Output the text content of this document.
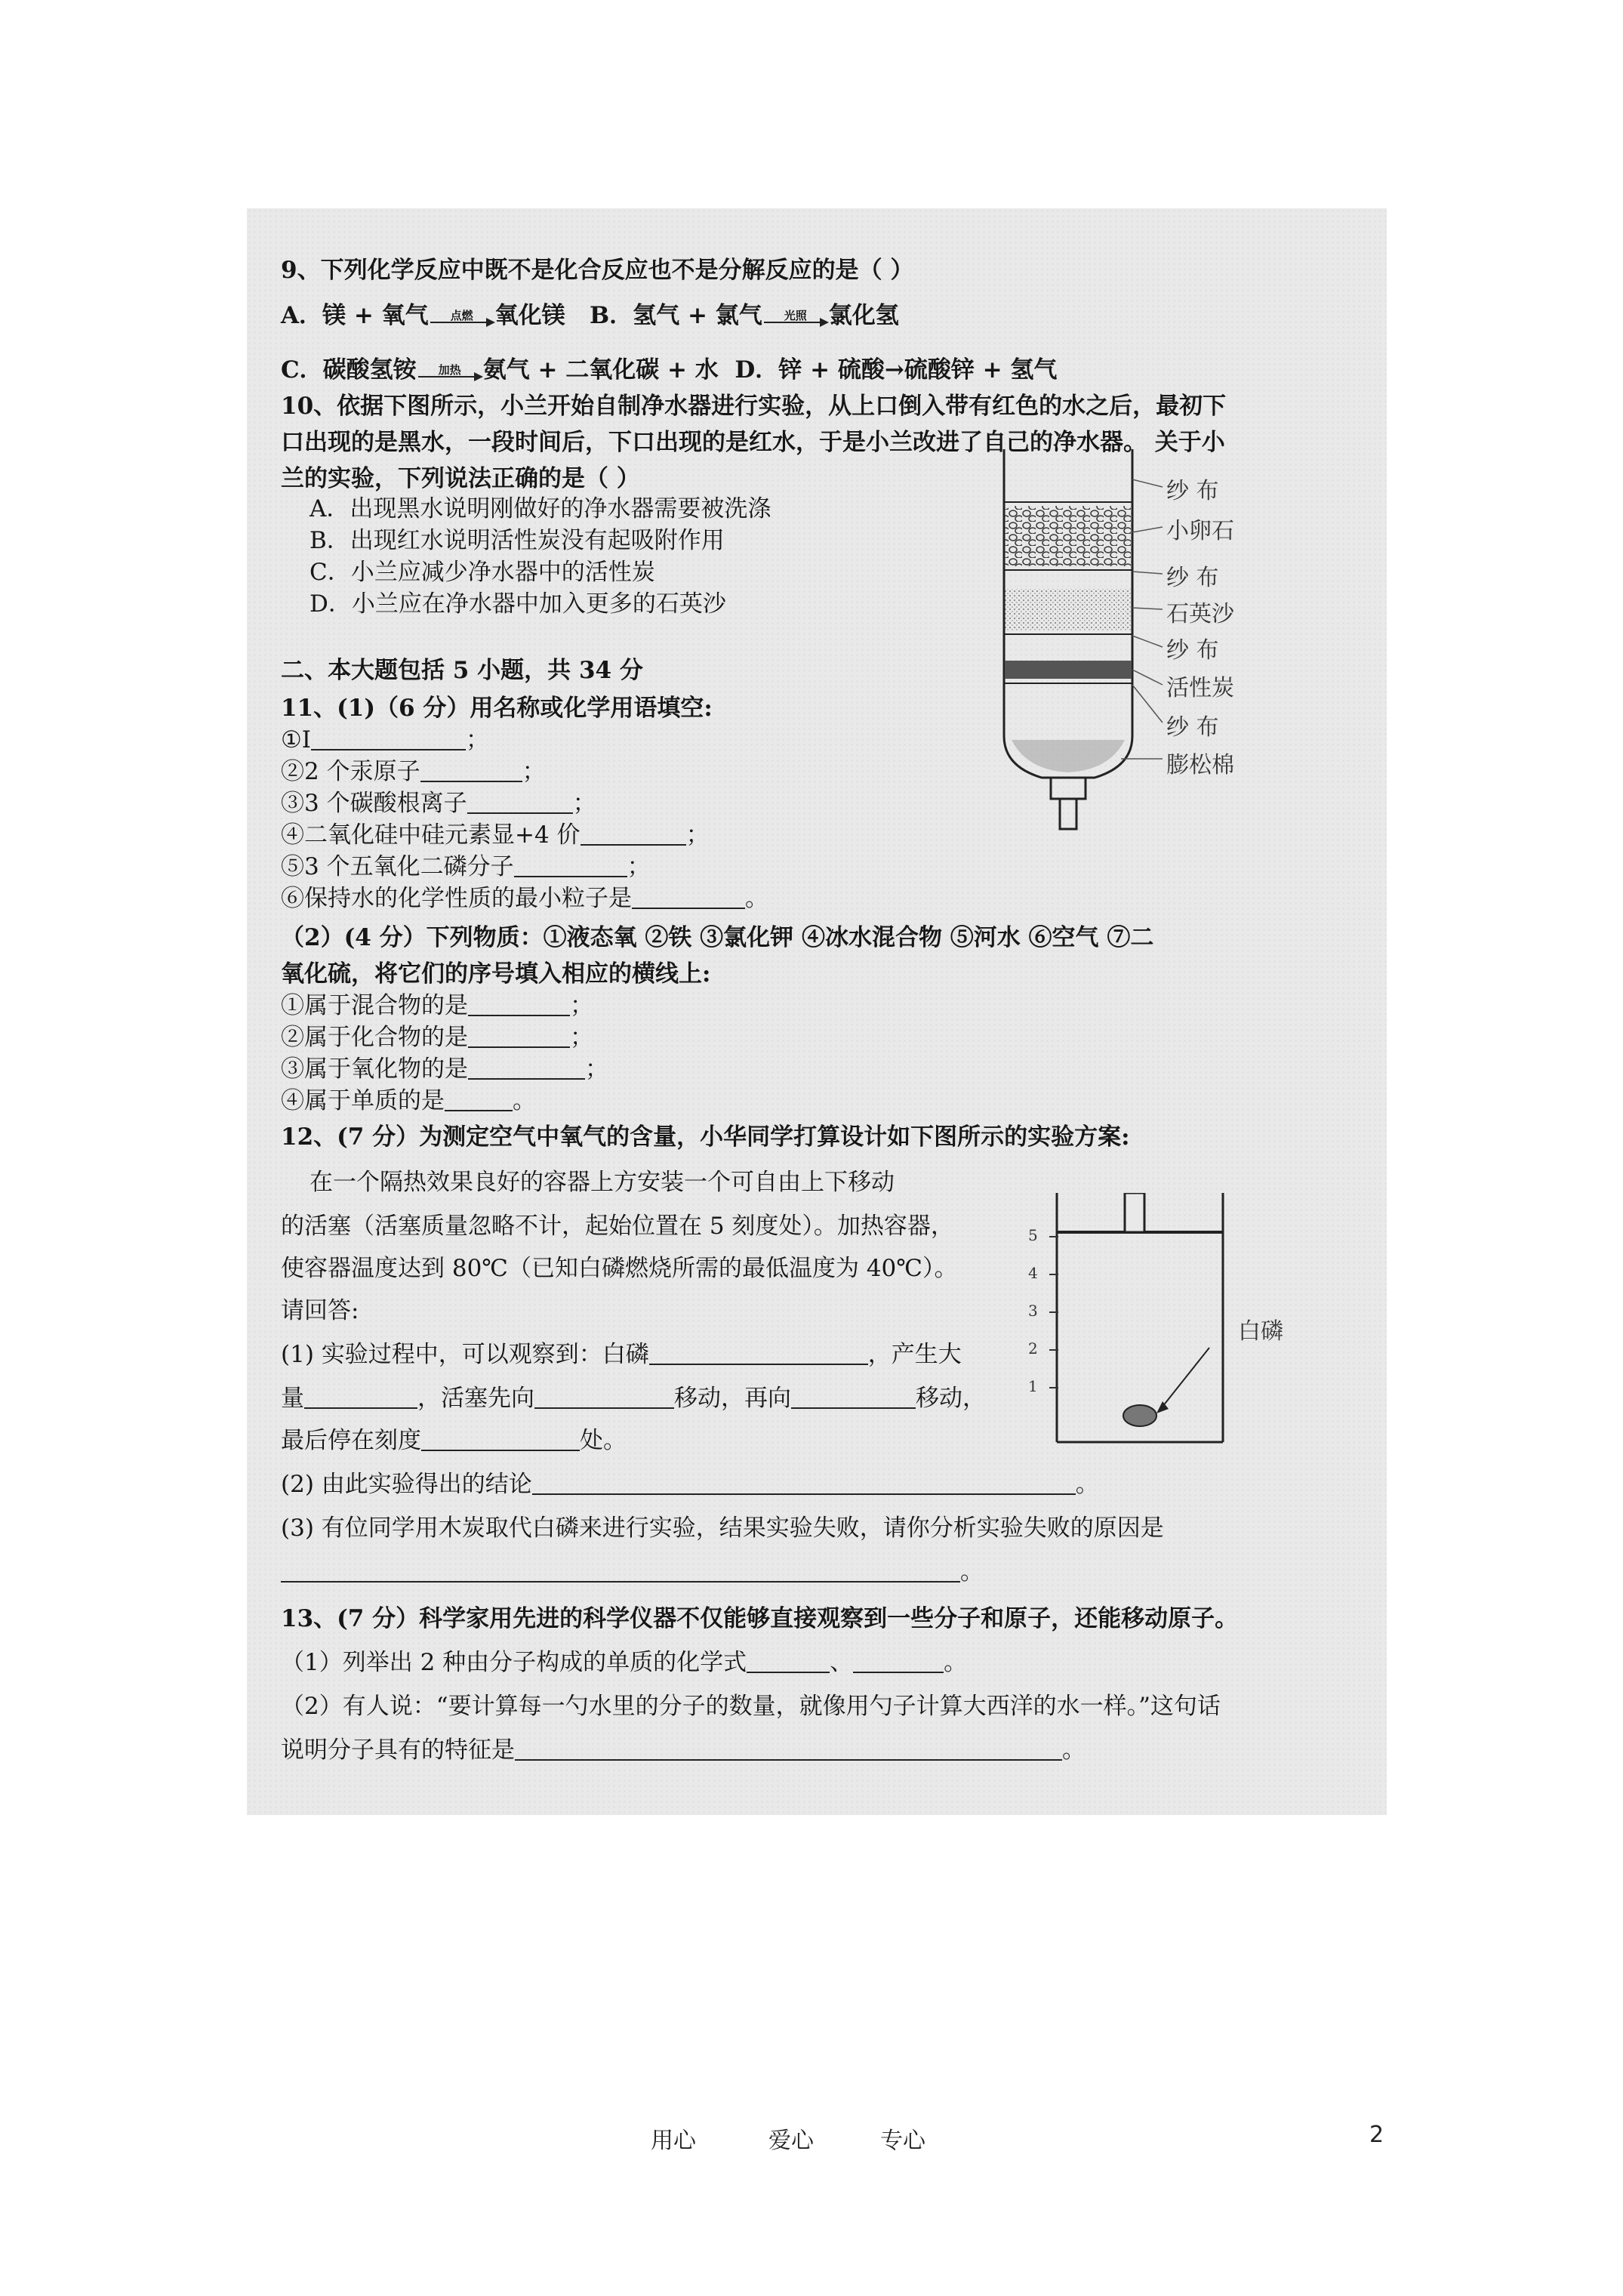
9、下列化学反应中既不是化合反应也不是分解反应的是（ ）
A．镁 + 氧气 点燃 氧化镁 B．氢气 + 氯气 光照 氯化氢
C．碳酸氢铵 加热 氨气 + 二氧化碳 + 水 D．锌 + 硫酸→硫酸锌 + 氢气
10、依据下图所示，小兰开始自制净水器进行实验，从上口倒入带有红色的水之后，最初下
口出现的是黑水，一段时间后，下口出现的是红水，于是小兰改进了自己的净水器。 关于小
兰的实验，下列说法正确的是（ ）
A．出现黑水说明刚做好的净水器需要被洗涤
B．出现红水说明活性炭没有起吸附作用
C．小兰应减少净水器中的活性炭
D．小兰应在净水器中加入更多的石英沙
纱 布
小卵石
纱 布
石英沙
纱 布
活性炭
纱 布
膨松棉
二、本大题包括 5 小题，共 34 分
11、(1)（6 分）用名称或化学用语填空:
①I	；
②2 个汞原子	；
③3 个碳酸根离子	；
④二氧化硅中硅元素显+4 价	；
⑤3 个五氧化二磷分子	；
⑥保持水的化学性质的最小粒子是	。
（2）(4 分）下列物质：①液态氧 ②铁 ③氯化钾 ④冰水混合物 ⑤河水 ⑥空气 ⑦二
氧化硫，将它们的序号填入相应的横线上:
①属于混合物的是	；
②属于化合物的是	；
③属于氧化物的是	；
④属于单质的是	。
12、(7 分）为测定空气中氧气的含量，小华同学打算设计如下图所示的实验方案:
在一个隔热效果良好的容器上方安装一个可自由上下移动
的活塞（活塞质量忽略不计，起始位置在 5 刻度处）。加热容器，
使容器温度达到 80℃（已知白磷燃烧所需的最低温度为 40℃）。
请回答:
(1) 实验过程中，可以观察到：白磷	，产生大
量	，活塞先向	移动，再向	移动，
最后停在刻度	处。
(2) 由此实验得出的结论	。
(3) 有位同学用木炭取代白磷来进行实验，结果实验失败，请你分析实验失败的原因是
。
5
4
3
2
1
白磷
13、(7 分）科学家用先进的科学仪器不仅能够直接观察到一些分子和原子，还能移动原子。
（1）列举出 2 种由分子构成的单质的化学式	、	。
（2）有人说：“要计算每一勺水里的分子的数量，就像用勺子计算大西洋的水一样。”这句话
说明分子具有的特征是	。
用心	爱心	专心	2
